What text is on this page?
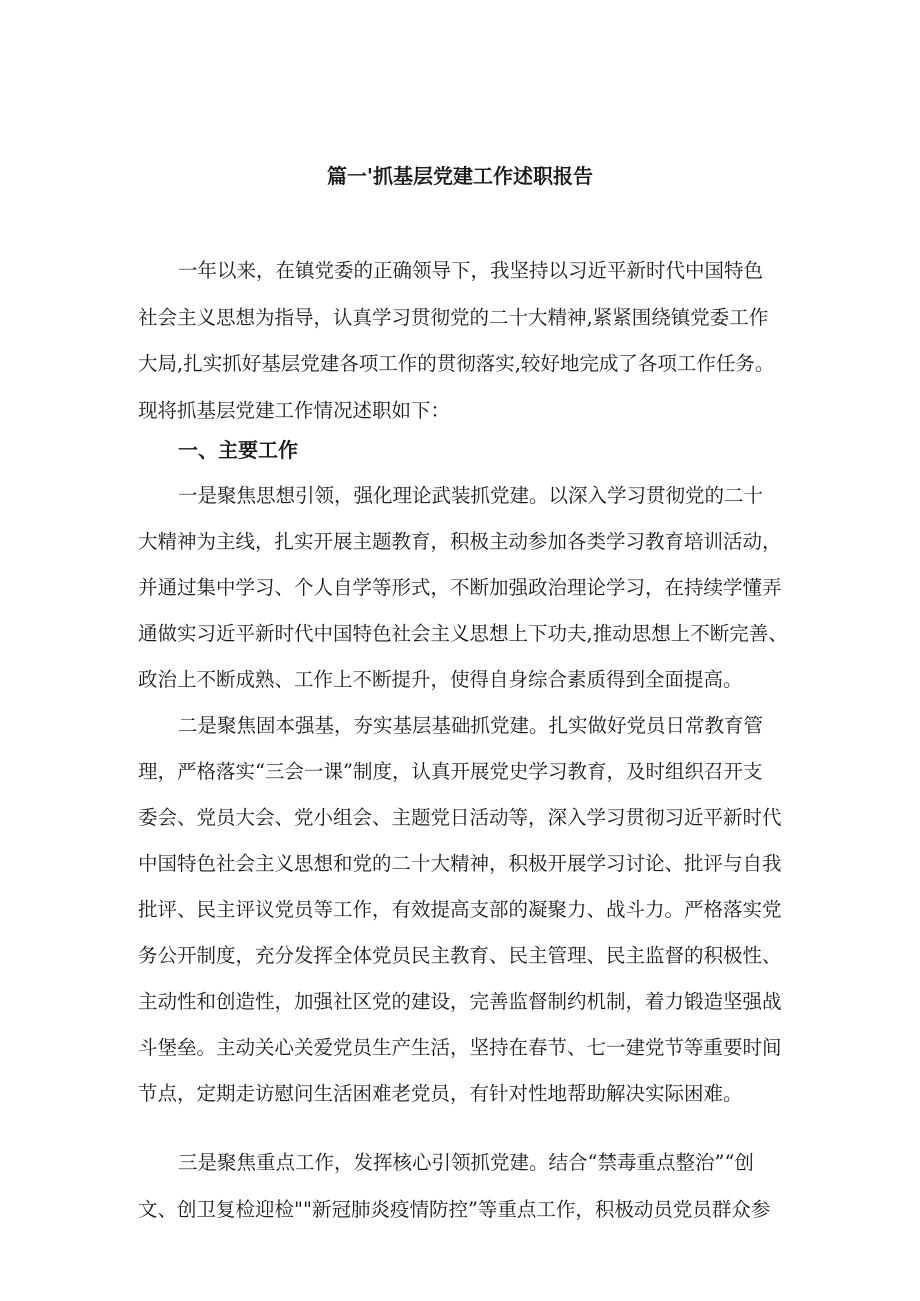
篇一'抓基层党建工作述职报告

一年以来，在镇党委的正确领导下，我坚持以习近平新时代中国特色

社会主义思想为指导，认真学习贯彻党的二十大精神,紧紧围绕镇党委工作

大局,扎实抓好基层党建各项工作的贯彻落实,较好地完成了各项工作任务。

现将抓基层党建工作情况述职如下：

一、主要工作

一是聚焦思想引领，强化理论武装抓党建。以深入学习贯彻党的二十

大精神为主线，扎实开展主题教育，积极主动参加各类学习教育培训活动，

并通过集中学习、个人自学等形式，不断加强政治理论学习，在持续学懂弄

通做实习近平新时代中国特色社会主义思想上下功夫,推动思想上不断完善、

政治上不断成熟、工作上不断提升，使得自身综合素质得到全面提高。

二是聚焦固本强基，夯实基层基础抓党建。扎实做好党员日常教育管

理，严格落实“三会一课”制度，认真开展党史学习教育，及时组织召开支

委会、党员大会、党小组会、主题党日活动等，深入学习贯彻习近平新时代

中国特色社会主义思想和党的二十大精神，积极开展学习讨论、批评与自我

批评、民主评议党员等工作，有效提高支部的凝聚力、战斗力。严格落实党

务公开制度，充分发挥全体党员民主教育、民主管理、民主监督的积极性、

主动性和创造性，加强社区党的建设，完善监督制约机制，着力锻造坚强战

斗堡垒。主动关心关爱党员生产生活，坚持在春节、七一建党节等重要时间

节点，定期走访慰问生活困难老党员，有针对性地帮助解决实际困难。

三是聚焦重点工作，发挥核心引领抓党建。结合“禁毒重点整治”“创

文、创卫复检迎检""新冠肺炎疫情防控”等重点工作，积极动员党员群众参
